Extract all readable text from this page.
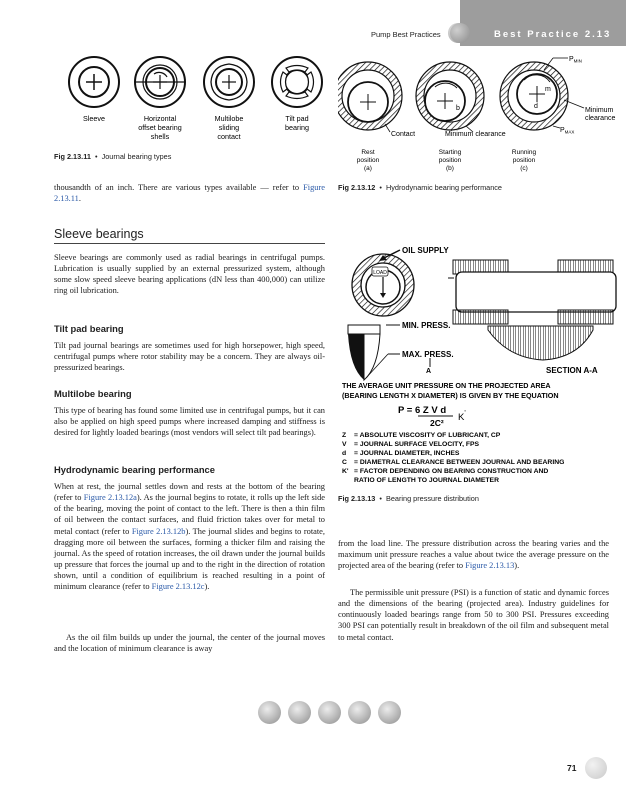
Pump Best Practices	Best Practice 2.13
Sleeve	Horizontal
offset bearing
shells
Multilobe
sliding
contact
Tilt pad
bearing
Fig 2.13.11  •  Journal bearing types
b
m
d
$P_{MIN}$
Minimum
clearance
$P_{MAX}$
Contact	Minimum clearance
Rest
position
(a)
Starting
position
(b)
Running
position
(c)
Fig 2.13.12  •  Hydrodynamic bearing performance
LOAD
OIL SUPPLY
MIN. PRESS.
MAX. PRESS.
A	SECTION A-A
THE AVERAGE UNIT PRESSURE ON THE PROJECTED AREA
(BEARING LENGTH X DIAMETER) IS GIVEN BY THE EQUATION
P = 6 Z V d
2C² K'
Z = ABSOLUTE VISCOSITY OF LUBRICANT, CP
V = JOURNAL SURFACE VELOCITY, FPS
d = JOURNAL DIAMETER, INCHES
C = DIAMETRAL CLEARANCE BETWEEN JOURNAL AND BEARING
K' = FACTOR DEPENDING ON BEARING CONSTRUCTION AND
RATIO OF LENGTH TO JOURNAL DIAMETER
Fig 2.13.13  •  Bearing pressure distribution

thousandth of an inch. There are various types available — refer to Figure 2.13.11.

Sleeve bearings

Sleeve bearings are commonly used as radial bearings in centrifugal pumps. Lubrication is usually supplied by an external pressurized system, although some slow speed sleeve bearing applications (dN less than 400,000) can utilize ring oil lubrication.

Tilt pad bearing

Tilt pad journal bearings are sometimes used for high horsepower, high speed, centrifugal pumps where rotor stability may be a concern. They are always oil-pressurized bearings.

Multilobe bearing

This type of bearing has found some limited use in centrifugal pumps, but it can also be applied on high speed pumps where increased damping and stiffness is desired for lightly loaded bearings (most vendors will select tilt pad bearings).

Hydrodynamic bearing performance

When at rest, the journal settles down and rests at the bottom of the bearing (refer to Figure 2.13.12a). As the journal begins to rotate, it rolls up the left side of the bearing, moving the point of contact to the left. There is then a thin film of oil between the contact surfaces, and fluid friction takes over for metal to metal contact (refer to Figure 2.13.12b). The journal slides and begins to rotate, dragging more oil between the surfaces, forming a thicker film and raising the journal. As the speed of rotation increases, the oil drawn under the journal builds up pressure that forces the journal up and to the right in the direction of rotation shown, until a condition of equilibrium is reached resulting in a point of minimum clearance (refer to Figure 2.13.12c).

As the oil film builds up under the journal, the center of the journal moves and the location of minimum clearance is away

from the load line. The pressure distribution across the bearing varies and the maximum unit pressure reaches a value about twice the average pressure on the projected area of the bearing (refer to Figure 2.13.13).

The permissible unit pressure (PSI) is a function of static and dynamic forces and the dimensions of the bearing (projected area). Industry guidelines for continuously loaded bearings range from 50 to 300 PSI. Pressures exceeding 300 PSI can potentially result in breakdown of the oil film and subsequent metal to metal contact.

71
